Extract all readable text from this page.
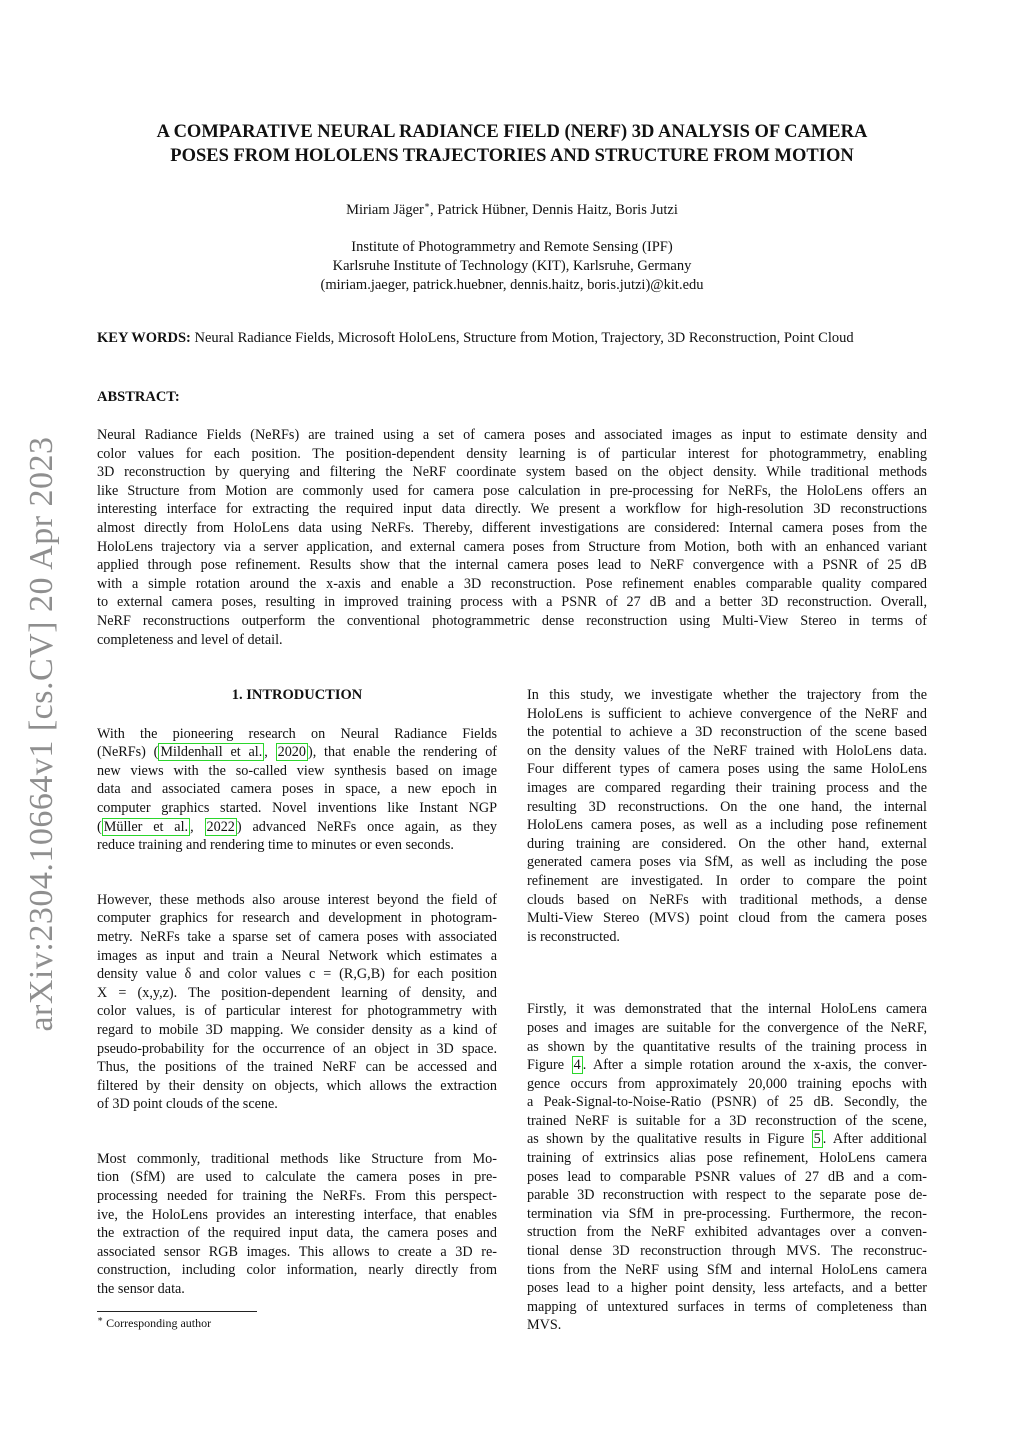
arXiv:2304.10664v1 [cs.CV] 20 Apr 2023
A COMPARATIVE NEURAL RADIANCE FIELD (NERF) 3D ANALYSIS OF CAMERA
POSES FROM HOLOLENS TRAJECTORIES AND STRUCTURE FROM MOTION
Miriam Jäger∗, Patrick Hübner, Dennis Haitz, Boris Jutzi
Institute of Photogrammetry and Remote Sensing (IPF)
Karlsruhe Institute of Technology (KIT), Karlsruhe, Germany
(miriam.jaeger, patrick.huebner, dennis.haitz, boris.jutzi)@kit.edu
KEY WORDS: Neural Radiance Fields, Microsoft HoloLens, Structure from Motion, Trajectory, 3D Reconstruction, Point Cloud
ABSTRACT:
Neural Radiance Fields (NeRFs) are trained using a set of camera poses and associated images as input to estimate density and
color values for each position. The position-dependent density learning is of particular interest for photogrammetry, enabling
3D reconstruction by querying and filtering the NeRF coordinate system based on the object density. While traditional methods
like Structure from Motion are commonly used for camera pose calculation in pre-processing for NeRFs, the HoloLens offers an
interesting interface for extracting the required input data directly. We present a workflow for high-resolution 3D reconstructions
almost directly from HoloLens data using NeRFs. Thereby, different investigations are considered: Internal camera poses from the
HoloLens trajectory via a server application, and external camera poses from Structure from Motion, both with an enhanced variant
applied through pose refinement. Results show that the internal camera poses lead to NeRF convergence with a PSNR of 25 dB
with a simple rotation around the x-axis and enable a 3D reconstruction. Pose refinement enables comparable quality compared
to external camera poses, resulting in improved training process with a PSNR of 27 dB and a better 3D reconstruction. Overall,
NeRF reconstructions outperform the conventional photogrammetric dense reconstruction using Multi-View Stereo in terms of
completeness and level of detail.
1. INTRODUCTION
With the pioneering research on Neural Radiance Fields
(NeRFs) ( Mildenhall et al. , 2020 ), that enable the rendering of
new views with the so-called view synthesis based on image
data and associated camera poses in space, a new epoch in
computer graphics started. Novel inventions like Instant NGP
( Müller et al. , 2022 ) advanced NeRFs once again, as they
reduce training and rendering time to minutes or even seconds.
However, these methods also arouse interest beyond the field of
computer graphics for research and development in photogram-
metry. NeRFs take a sparse set of camera poses with associated
images as input and train a Neural Network which estimates a
density value δ and color values c = (R,G,B) for each position
X = (x,y,z). The position-dependent learning of density, and
color values, is of particular interest for photogrammetry with
regard to mobile 3D mapping. We consider density as a kind of
pseudo-probability for the occurrence of an object in 3D space.
Thus, the positions of the trained NeRF can be accessed and
filtered by their density on objects, which allows the extraction
of 3D point clouds of the scene.
Most commonly, traditional methods like Structure from Mo-
tion (SfM) are used to calculate the camera poses in pre-
processing needed for training the NeRFs. From this perspect-
ive, the HoloLens provides an interesting interface, that enables
the extraction of the required input data, the camera poses and
associated sensor RGB images. This allows to create a 3D re-
construction, including color information, nearly directly from
the sensor data.
In this study, we investigate whether the trajectory from the
HoloLens is sufficient to achieve convergence of the NeRF and
the potential to achieve a 3D reconstruction of the scene based
on the density values of the NeRF trained with HoloLens data.
Four different types of camera poses using the same HoloLens
images are compared regarding their training process and the
resulting 3D reconstructions. On the one hand, the internal
HoloLens camera poses, as well as a including pose refinement
during training are considered. On the other hand, external
generated camera poses via SfM, as well as including the pose
refinement are investigated. In order to compare the point
clouds based on NeRFs with traditional methods, a dense
Multi-View Stereo (MVS) point cloud from the camera poses
is reconstructed.
Firstly, it was demonstrated that the internal HoloLens camera
poses and images are suitable for the convergence of the NeRF,
as shown by the quantitative results of the training process in
Figure 4 . After a simple rotation around the x-axis, the conver-
gence occurs from approximately 20,000 training epochs with
a Peak-Signal-to-Noise-Ratio (PSNR) of 25 dB. Secondly, the
trained NeRF is suitable for a 3D reconstruction of the scene,
as shown by the qualitative results in Figure 5 . After additional
training of extrinsics alias pose refinement, HoloLens camera
poses lead to comparable PSNR values of 27 dB and a com-
parable 3D reconstruction with respect to the separate pose de-
termination via SfM in pre-processing. Furthermore, the recon-
struction from the NeRF exhibited advantages over a conven-
tional dense 3D reconstruction through MVS. The reconstruc-
tions from the NeRF using SfM and internal HoloLens camera
poses lead to a higher point density, less artefacts, and a better
mapping of untextured surfaces in terms of completeness than
MVS.
∗ Corresponding author
